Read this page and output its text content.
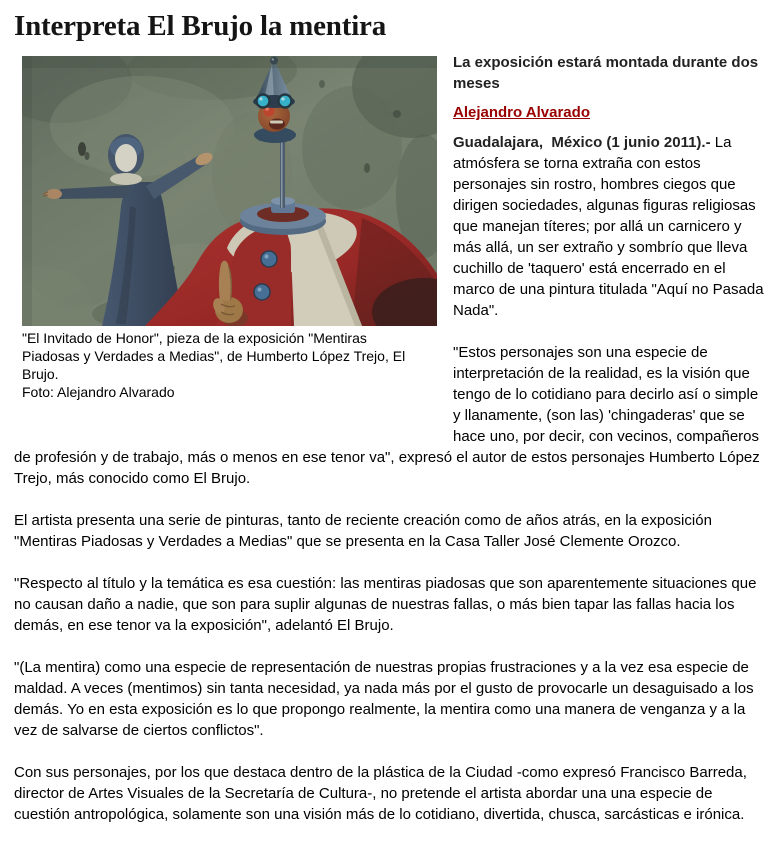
Interpreta El Brujo la mentira
"El Invitado de Honor", pieza de la exposición "Mentiras Piadosas y Verdades a Medias", de Humberto López Trejo, El Brujo.
Foto: Alejandro Alvarado

La exposición estará montada durante dos meses

Alejandro Alvarado

Guadalajara,  México (1 junio 2011).- La atmósfera se torna extraña con estos personajes sin rostro, hombres ciegos que dirigen sociedades, algunas figuras religiosas que manejan títeres; por allá un carnicero y más allá, un ser extraño y sombrío que lleva cuchillo de 'taquero' está encerrado en el marco de una pintura titulada "Aquí no Pasada Nada".

"Estos personajes son una especie de interpretación de la realidad, es la visión que tengo de lo cotidiano para decirlo así o simple y llanamente, (son las) 'chingaderas' que se hace uno, por decir, con vecinos, compañeros de profesión y de trabajo, más o menos en ese tenor va", expresó el autor de estos personajes Humberto López Trejo, más conocido como El Brujo.

El artista presenta una serie de pinturas, tanto de reciente creación como de años atrás, en la exposición "Mentiras Piadosas y Verdades a Medias" que se presenta en la Casa Taller José Clemente Orozco.

"Respecto al título y la temática es esa cuestión: las mentiras piadosas que son aparentemente situaciones que no causan daño a nadie, que son para suplir algunas de nuestras fallas, o más bien tapar las fallas hacia los demás, en ese tenor va la exposición", adelantó El Brujo.

"(La mentira) como una especie de representación de nuestras propias frustraciones y a la vez esa especie de maldad. A veces (mentimos) sin tanta necesidad, ya nada más por el gusto de provocarle un desaguisado a los demás. Yo en esta exposición es lo que propongo realmente, la mentira como una manera de venganza y a la vez de salvarse de ciertos conflictos".

Con sus personajes, por los que destaca dentro de la plástica de la Ciudad -como expresó Francisco Barreda, director de Artes Visuales de la Secretaría de Cultura-, no pretende el artista abordar una una especie de cuestión antropológica, solamente son una visión más de lo cotidiano, divertida, chusca, sarcásticas e irónica.
